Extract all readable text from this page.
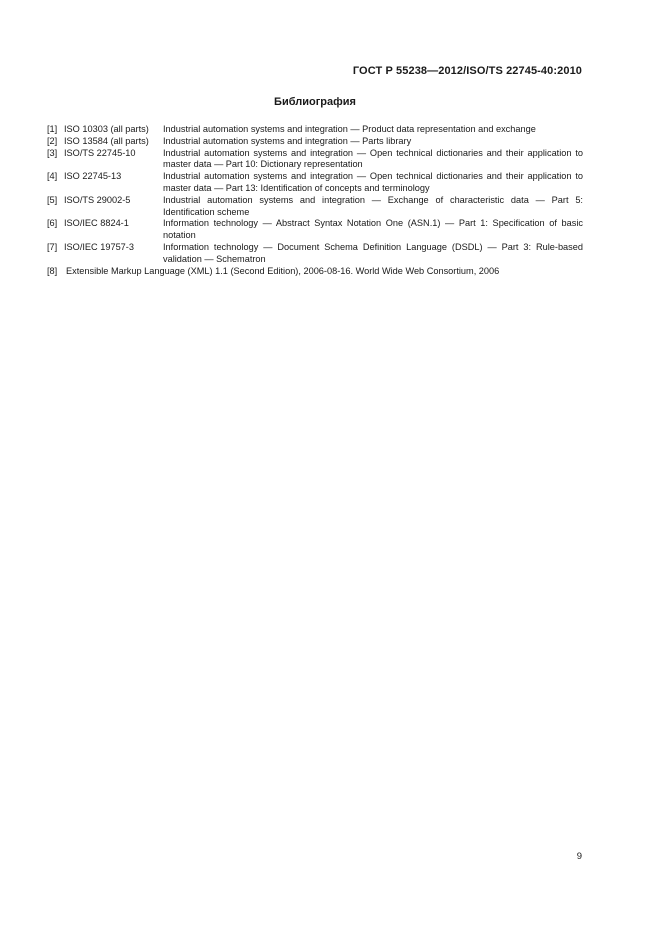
ГОСТ Р 55238—2012/ISO/TS 22745-40:2010
Библиография
[1] ISO 10303 (all parts)	Industrial automation systems and integration — Product data representation and exchange
[2] ISO 13584 (all parts)	Industrial automation systems and integration — Parts library
[3] ISO/TS 22745-10	Industrial automation systems and integration — Open technical dictionaries and their application to master data — Part 10: Dictionary representation
[4] ISO 22745-13	Industrial automation systems and integration — Open technical dictionaries and their application to master data — Part 13: Identification of concepts and terminology
[5] ISO/TS 29002-5	Industrial automation systems and integration — Exchange of characteristic data — Part 5: Identification scheme
[6] ISO/IEC 8824-1	Information technology — Abstract Syntax Notation One (ASN.1) — Part 1: Specification of basic notation
[7] ISO/IEC 19757-3	Information technology — Document Schema Definition Language (DSDL) — Part 3: Rule-based validation — Schematron
[8] Extensible Markup Language (XML) 1.1 (Second Edition), 2006-08-16. World Wide Web Consortium, 2006
9
